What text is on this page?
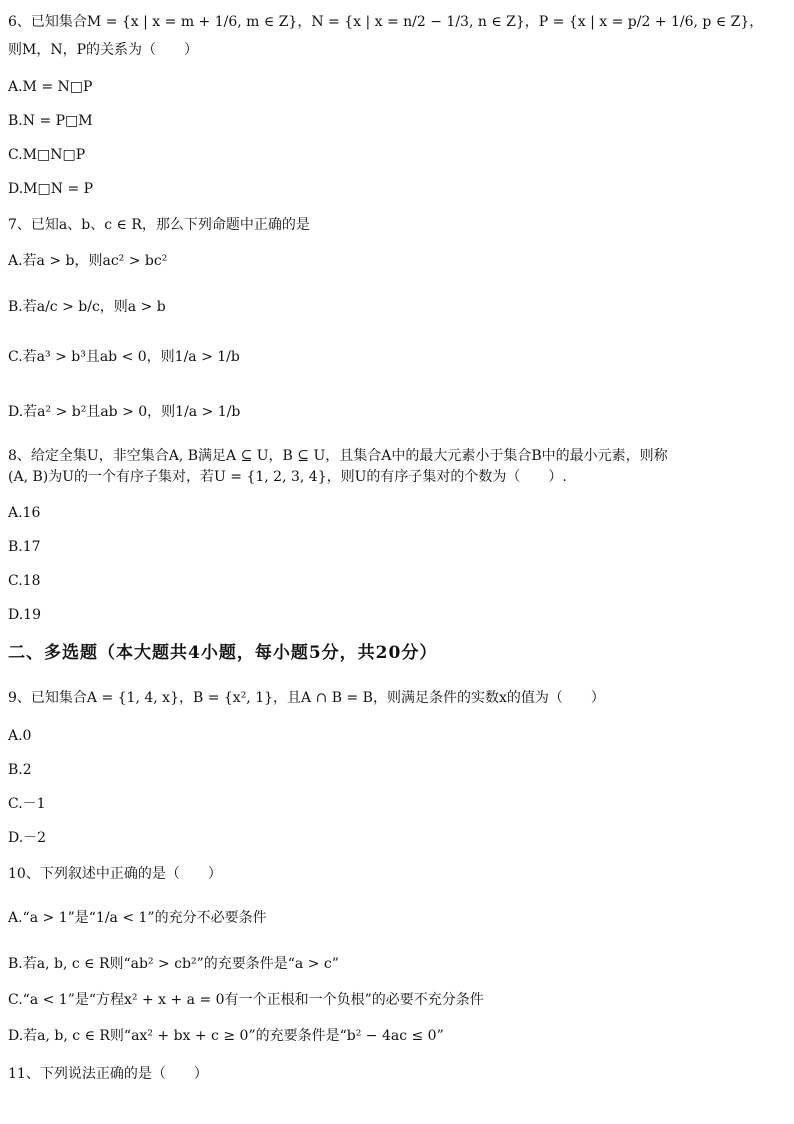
6、已知集合M = {x | x = m + 1/6, m ∈ Z}，N = {x | x = n/2 − 1/3, n ∈ Z}，P = {x | x = p/2 + 1/6, p ∈ Z}，
则M，N，P的关系为（　　）
A.M = N□P
B.N = P□M
C.M□N□P
D.M□N = P
7、已知a、b、c ∈ R，那么下列命题中正确的是
A.若a > b，则ac² > bc²
B.若a/c > b/c，则a > b
C.若a³ > b³且ab < 0，则1/a > 1/b
D.若a² > b²且ab > 0，则1/a > 1/b
8、给定全集U，非空集合A, B满足A ⊆ U，B ⊆ U，且集合A中的最大元素小于集合B中的最小元素，则称
(A, B)为U的一个有序子集对，若U = {1, 2, 3, 4}，则U的有序子集对的个数为（　　）.
A.16
B.17
C.18
D.19
二、多选题（本大题共4小题，每小题5分，共20分）
9、已知集合A = {1, 4, x}，B = {x², 1}，且A ∩ B = B，则满足条件的实数x的值为（　　）
A.0
B.2
C.－1
D.－2
10、下列叙述中正确的是（　　）
A.“a > 1”是“1/a < 1”的充分不必要条件
B.若a, b, c ∈ R则“ab² > cb²”的充要条件是“a > c”
C.“a < 1”是“方程x² + x + a = 0有一个正根和一个负根”的必要不充分条件
D.若a, b, c ∈ R则“ax² + bx + c ≥ 0”的充要条件是“b² − 4ac ≤ 0”
11、下列说法正确的是（　　）
